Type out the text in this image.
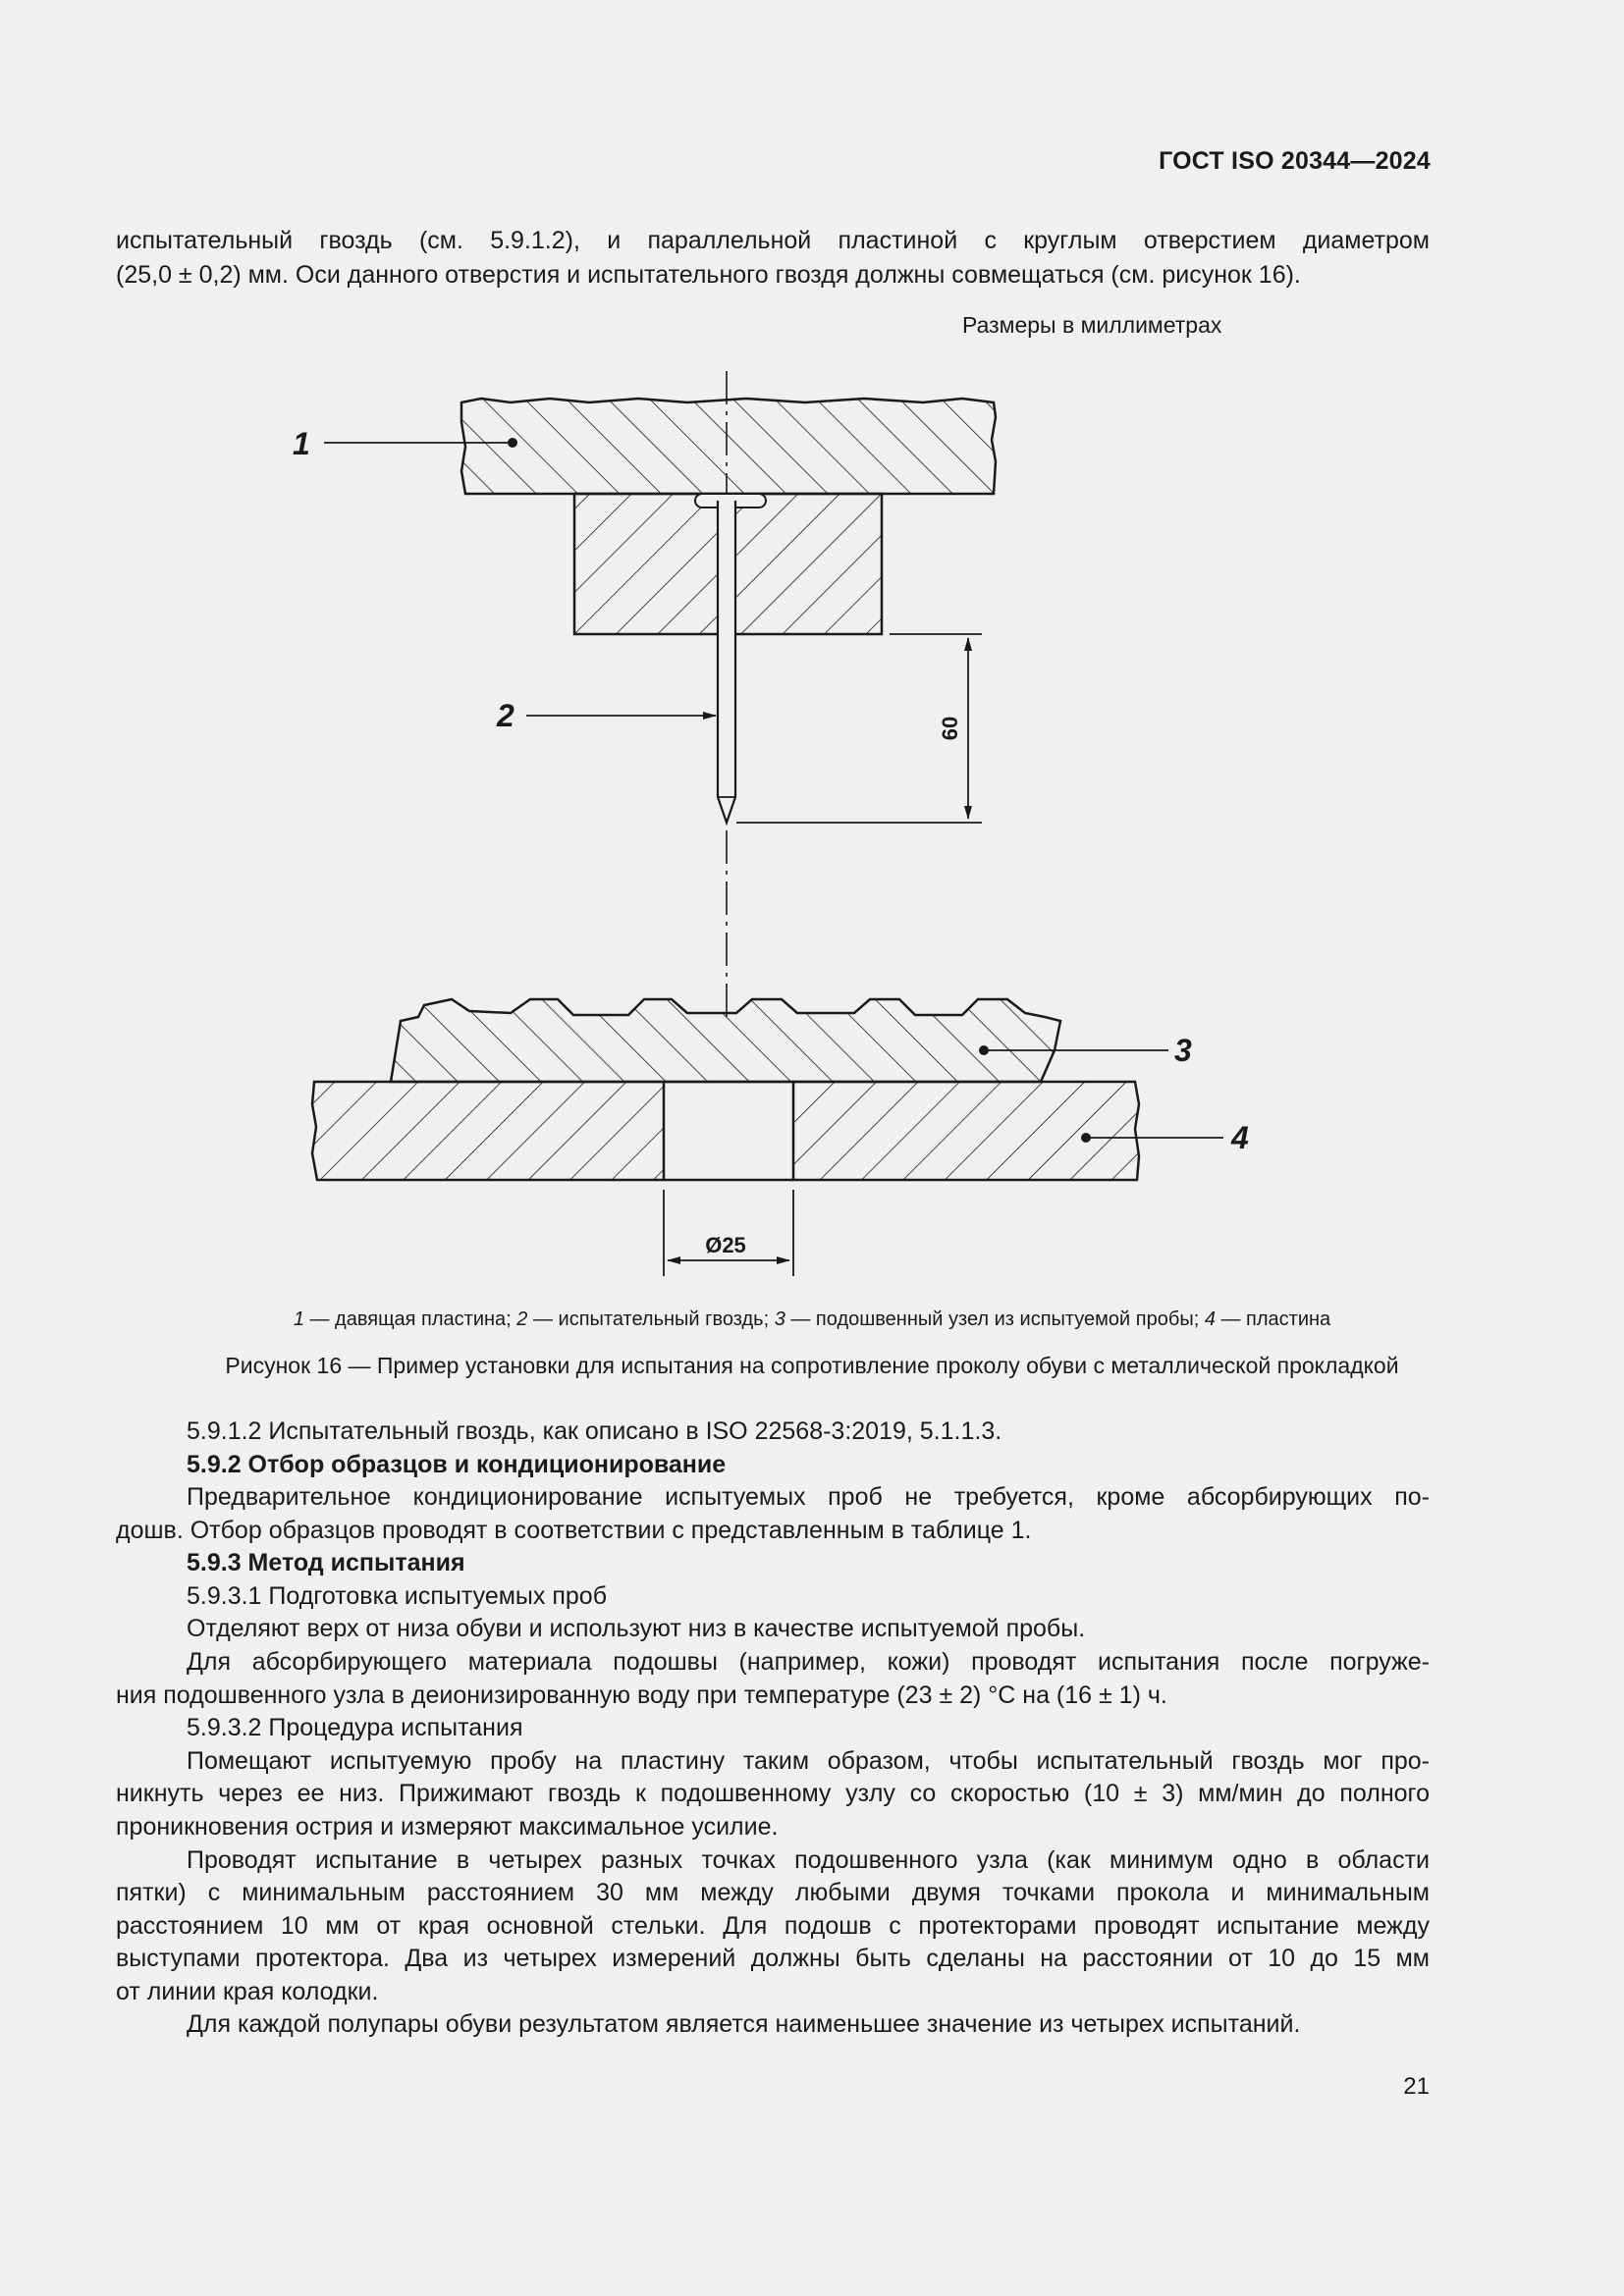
ГОСТ ISO 20344—2024

испытательный гвоздь (см. 5.9.1.2), и параллельной пластиной с круглым отверстием диаметром

(25,0 ± 0,2) мм. Оси данного отверстия и испытательного гвоздя должны совмещаться (см. рисунок 16).

Размеры в миллиметрах
60
Ø25
1
2
3
4
1 — давящая пластина; 2 — испытательный гвоздь; 3 — подошвенный узел из испытуемой пробы; 4 — пластина
Рисунок 16 — Пример установки для испытания на сопротивление проколу обуви с металлической прокладкой

5.9.1.2 Испытательный гвоздь, как описано в ISO 22568-3:2019, 5.1.1.3.

5.9.2 Отбор образцов и кондиционирование

Предварительное кондиционирование испытуемых проб не требуется, кроме абсорбирующих по-

дошв. Отбор образцов проводят в соответствии с представленным в таблице 1.

5.9.3 Метод испытания

5.9.3.1 Подготовка испытуемых проб

Отделяют верх от низа обуви и используют низ в качестве испытуемой пробы.

Для абсорбирующего материала подошвы (например, кожи) проводят испытания после погруже-

ния подошвенного узла в деионизированную воду при температуре (23 ± 2) °С на (16 ± 1) ч.

5.9.3.2 Процедура испытания

Помещают испытуемую пробу на пластину таким образом, чтобы испытательный гвоздь мог про-

никнуть через ее низ. Прижимают гвоздь к подошвенному узлу со скоростью (10 ± 3) мм/мин до полного

проникновения острия и измеряют максимальное усилие.

Проводят испытание в четырех разных точках подошвенного узла (как минимум одно в области

пятки) с минимальным расстоянием 30 мм между любыми двумя точками прокола и минимальным

расстоянием 10 мм от края основной стельки. Для подошв с протекторами проводят испытание между

выступами протектора. Два из четырех измерений должны быть сделаны на расстоянии от 10 до 15 мм

от линии края колодки.

Для каждой полупары обуви результатом является наименьшее значение из четырех испытаний.

21
